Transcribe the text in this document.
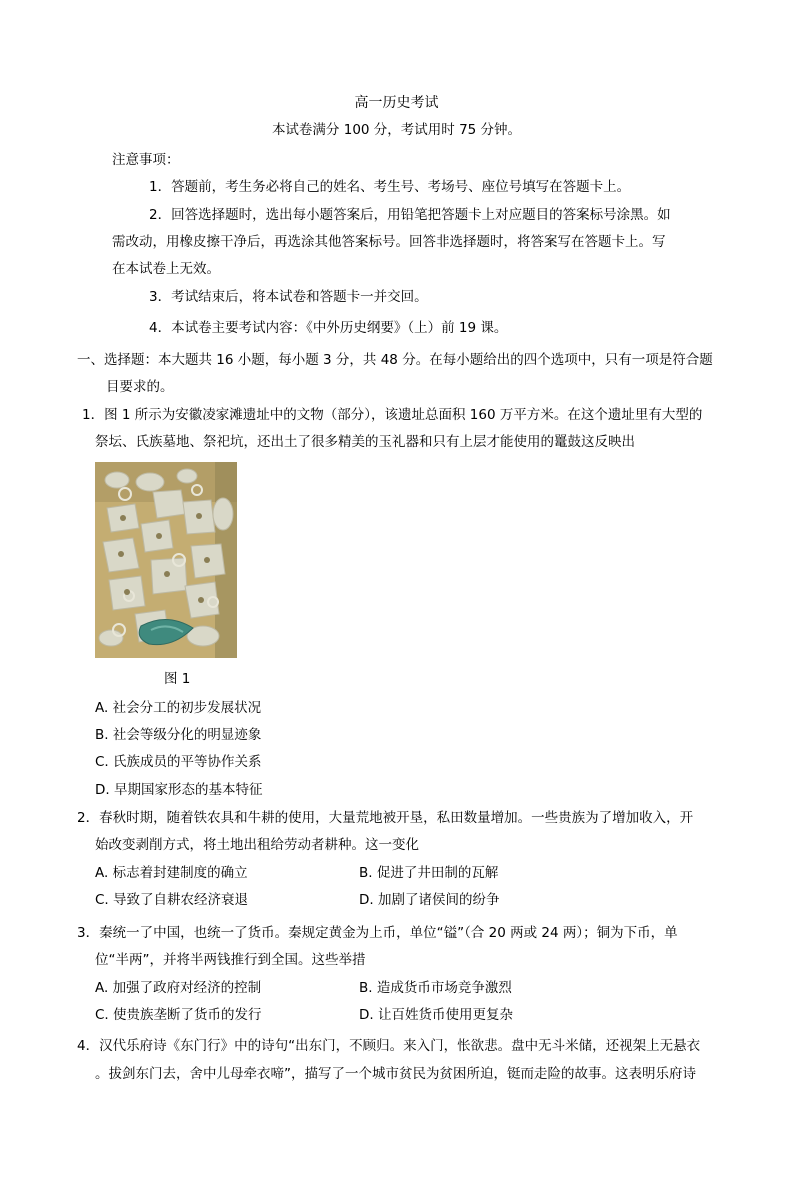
高一历史考试
本试卷满分 100 分，考试用时 75 分钟。
注意事项：
1．答题前，考生务必将自己的姓名、考生号、考场号、座位号填写在答题卡上。
2．回答选择题时，选出每小题答案后，用铅笔把答题卡上对应题目的答案标号涂黑。如
需改动，用橡皮擦干净后，再选涂其他答案标号。回答非选择题时，将答案写在答题卡上。写
在本试卷上无效。
3．考试结束后，将本试卷和答题卡一并交回。
4．本试卷主要考试内容：《中外历史纲要》（上）前 19 课。
一、选择题：本大题共 16 小题，每小题 3 分，共 48 分。在每小题给出的四个选项中，只有一项是符合题
目要求的。
1．图 1 所示为安徽凌家滩遗址中的文物（部分），该遗址总面积 160 万平方米。在这个遗址里有大型的
祭坛、氏族墓地、祭祀坑，还出土了很多精美的玉礼器和只有上层才能使用的鼍鼓这反映出
图 1
A. 社会分工的初步发展状况
B. 社会等级分化的明显迹象
C. 氏族成员的平等协作关系
D. 早期国家形态的基本特征
2．春秋时期，随着铁农具和牛耕的使用，大量荒地被开垦，私田数量增加。一些贵族为了增加收入，开
始改变剥削方式，将土地出租给劳动者耕种。这一变化
A. 标志着封建制度的确立	B. 促进了井田制的瓦解
C. 导致了自耕农经济衰退	D. 加剧了诸侯间的纷争
3．秦统一了中国，也统一了货币。秦规定黄金为上币，单位“镒”（合 20 两或 24 两）；铜为下币，单
位“半两”，并将半两钱推行到全国。这些举措
A. 加强了政府对经济的控制	B. 造成货币市场竞争激烈
C. 使贵族垄断了货币的发行	D. 让百姓货币使用更复杂
4．汉代乐府诗《东门行》中的诗句“出东门，不顾归。来入门，怅欲悲。盘中无斗米储，还视架上无悬衣
。拔剑东门去，舍中儿母牵衣啼”，描写了一个城市贫民为贫困所迫，铤而走险的故事。这表明乐府诗
